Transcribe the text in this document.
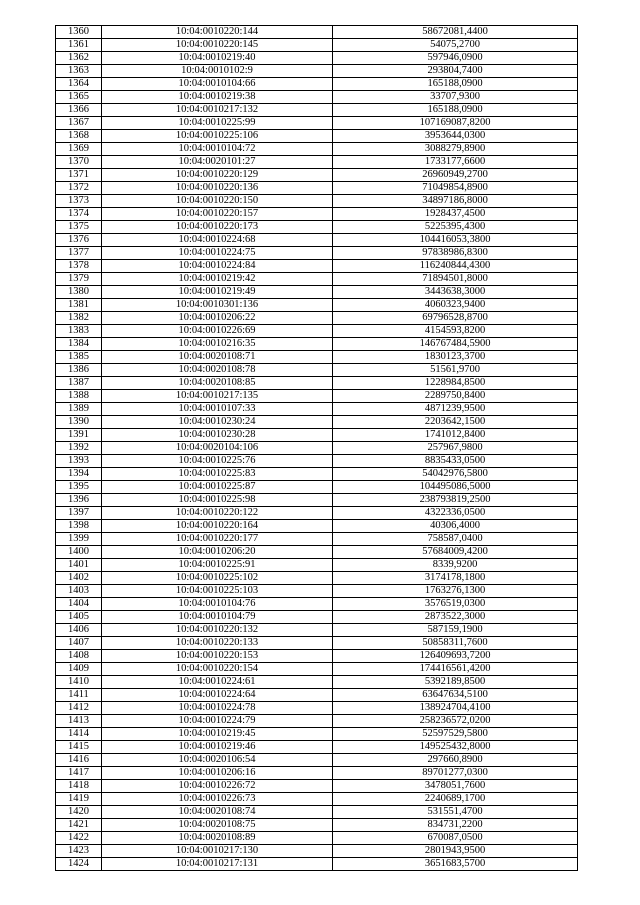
1360	10:04:0010220:144	58672081,4400
1361	10:04:0010220:145	54075,2700
1362	10:04:0010219:40	597946,0900
1363	10:04:0010102:9	293804,7400
1364	10:04:0010104:66	165188,0900
1365	10:04:0010219:38	33707,9300
1366	10:04:0010217:132	165188,0900
1367	10:04:0010225:99	107169087,8200
1368	10:04:0010225:106	3953644,0300
1369	10:04:0010104:72	3088279,8900
1370	10:04:0020101:27	1733177,6600
1371	10:04:0010220:129	26960949,2700
1372	10:04:0010220:136	71049854,8900
1373	10:04:0010220:150	34897186,8000
1374	10:04:0010220:157	1928437,4500
1375	10:04:0010220:173	5225395,4300
1376	10:04:0010224:68	104416053,3800
1377	10:04:0010224:75	97838986,8300
1378	10:04:0010224:84	116240844,4300
1379	10:04:0010219:42	71894501,8000
1380	10:04:0010219:49	3443638,3000
1381	10:04:0010301:136	4060323,9400
1382	10:04:0010206:22	69796528,8700
1383	10:04:0010226:69	4154593,8200
1384	10:04:0010216:35	146767484,5900
1385	10:04:0020108:71	1830123,3700
1386	10:04:0020108:78	51561,9700
1387	10:04:0020108:85	1228984,8500
1388	10:04:0010217:135	2289750,8400
1389	10:04:0010107:33	4871239,9500
1390	10:04:0010230:24	2203642,1500
1391	10:04:0010230:28	1741012,8400
1392	10:04:0020104:106	257967,9800
1393	10:04:0010225:76	8835433,0500
1394	10:04:0010225:83	54042976,5800
1395	10:04:0010225:87	104495086,5000
1396	10:04:0010225:98	238793819,2500
1397	10:04:0010220:122	4322336,0500
1398	10:04:0010220:164	40306,4000
1399	10:04:0010220:177	758587,0400
1400	10:04:0010206:20	57684009,4200
1401	10:04:0010225:91	8339,9200
1402	10:04:0010225:102	3174178,1800
1403	10:04:0010225:103	1763276,1300
1404	10:04:0010104:76	3576519,0300
1405	10:04:0010104:79	2873522,3000
1406	10:04:0010220:132	587159,1900
1407	10:04:0010220:133	50858311,7600
1408	10:04:0010220:153	126409693,7200
1409	10:04:0010220:154	174416561,4200
1410	10:04:0010224:61	5392189,8500
1411	10:04:0010224:64	63647634,5100
1412	10:04:0010224:78	138924704,4100
1413	10:04:0010224:79	258236572,0200
1414	10:04:0010219:45	52597529,5800
1415	10:04:0010219:46	149525432,8000
1416	10:04:0020106:54	297660,8900
1417	10:04:0010206:16	89701277,0300
1418	10:04:0010226:72	3478051,7600
1419	10:04:0010226:73	2240689,1700
1420	10:04:0020108:74	531551,4700
1421	10:04:0020108:75	834731,2200
1422	10:04:0020108:89	670087,0500
1423	10:04:0010217:130	2801943,9500
1424	10:04:0010217:131	3651683,5700
